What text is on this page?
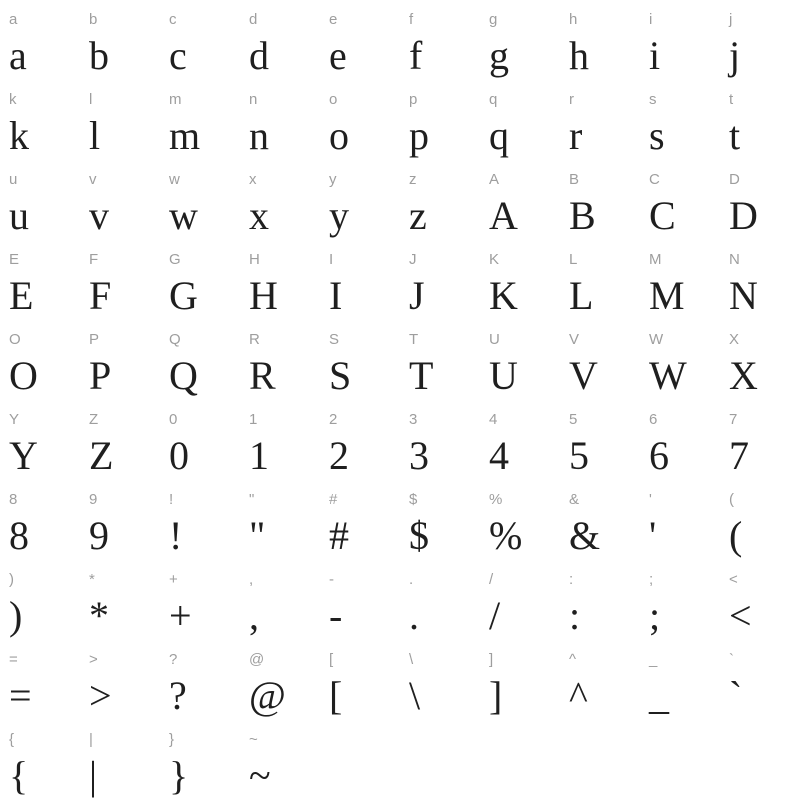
a
a
b
b
c
c
d
d
e
e
f
f
g
g
h
h
i
i
j
j
k
k
l
l
m
m
n
n
o
o
p
p
q
q
r
r
s
s
t
t
u
u
v
v
w
w
x
x
y
y
z
z
A
A
B
B
C
C
D
D
E
E
F
F
G
G
H
H
I
I
J
J
K
K
L
L
M
M
N
N
O
O
P
P
Q
Q
R
R
S
S
T
T
U
U
V
V
W
W
X
X
Y
Y
Z
Z
0
0
1
1
2
2
3
3
4
4
5
5
6
6
7
7
8
8
9
9
!
!
"
"
#
#
$
$
%
%
&
&
'
'
(
(
)
)
*
*
+
+
,
,
-
-
.
.
/
/
:
:
;
;
<
<
=
=
>
>
?
?
@
@
[
[
\
\
]
]
^
^
_
_
`
`
{
{
|
|
}
}
~
~
